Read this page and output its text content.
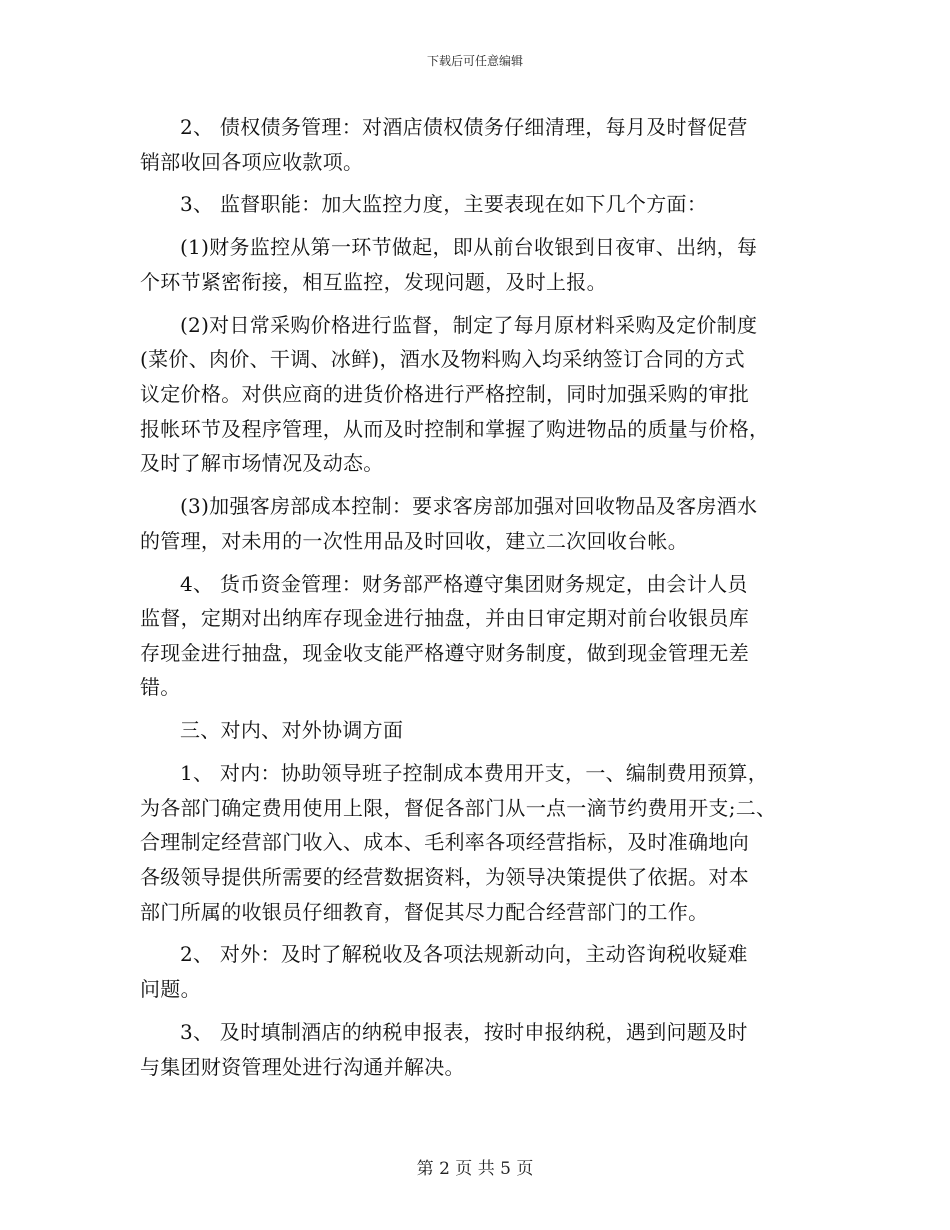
下载后可任意编辑
2、 债权债务管理：对酒店债权债务仔细清理，每月及时督促营
销部收回各项应收款项。
3、 监督职能：加大监控力度，主要表现在如下几个方面：
(1)财务监控从第一环节做起，即从前台收银到日夜审、出纳，每
个环节紧密衔接，相互监控，发现问题，及时上报。
(2)对日常采购价格进行监督，制定了每月原材料采购及定价制度
(菜价、肉价、干调、冰鲜)，酒水及物料购入均采纳签订合同的方式
议定价格。对供应商的进货价格进行严格控制，同时加强采购的审批
报帐环节及程序管理，从而及时控制和掌握了购进物品的质量与价格，
及时了解市场情况及动态。
(3)加强客房部成本控制：要求客房部加强对回收物品及客房酒水
的管理，对未用的一次性用品及时回收，建立二次回收台帐。
4、 货币资金管理：财务部严格遵守集团财务规定，由会计人员
监督，定期对出纳库存现金进行抽盘，并由日审定期对前台收银员库
存现金进行抽盘，现金收支能严格遵守财务制度，做到现金管理无差
错。
三、对内、对外协调方面
1、 对内：协助领导班子控制成本费用开支，一、编制费用预算，
为各部门确定费用使用上限，督促各部门从一点一滴节约费用开支;二、
合理制定经营部门收入、成本、毛利率各项经营指标，及时准确地向
各级领导提供所需要的经营数据资料，为领导决策提供了依据。对本
部门所属的收银员仔细教育，督促其尽力配合经营部门的工作。
2、 对外：及时了解税收及各项法规新动向，主动咨询税收疑难
问题。
3、 及时填制酒店的纳税申报表，按时申报纳税，遇到问题及时
与集团财资管理处进行沟通并解决。
第 2 页 共 5 页
